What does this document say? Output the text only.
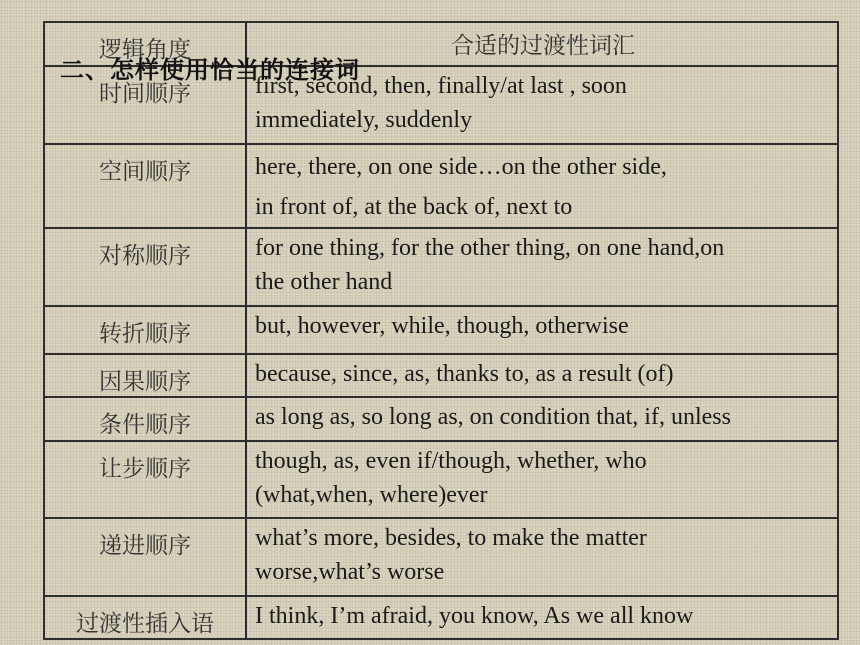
逻辑角度	合适的过渡性词汇
时间顺序	first, second, then, finally/at last , soon
immediately, suddenly
空间顺序	here, there, on one side…on the other side,
in front of, at the back of, next to
对称顺序	for one thing, for the other thing, on one hand,on
the other hand
转折顺序	but, however, while, though, otherwise
因果顺序	because, since, as, thanks to, as a result (of)
条件顺序	as long as, so long as, on condition that, if, unless
让步顺序	though, as, even if/though, whether, who
(what,when, where)ever
递进顺序	what’s more, besides, to make the matter
worse,what’s worse
过渡性插入语	I think, I’m afraid, you know, As we all know
二、怎样使用恰当的连接词
